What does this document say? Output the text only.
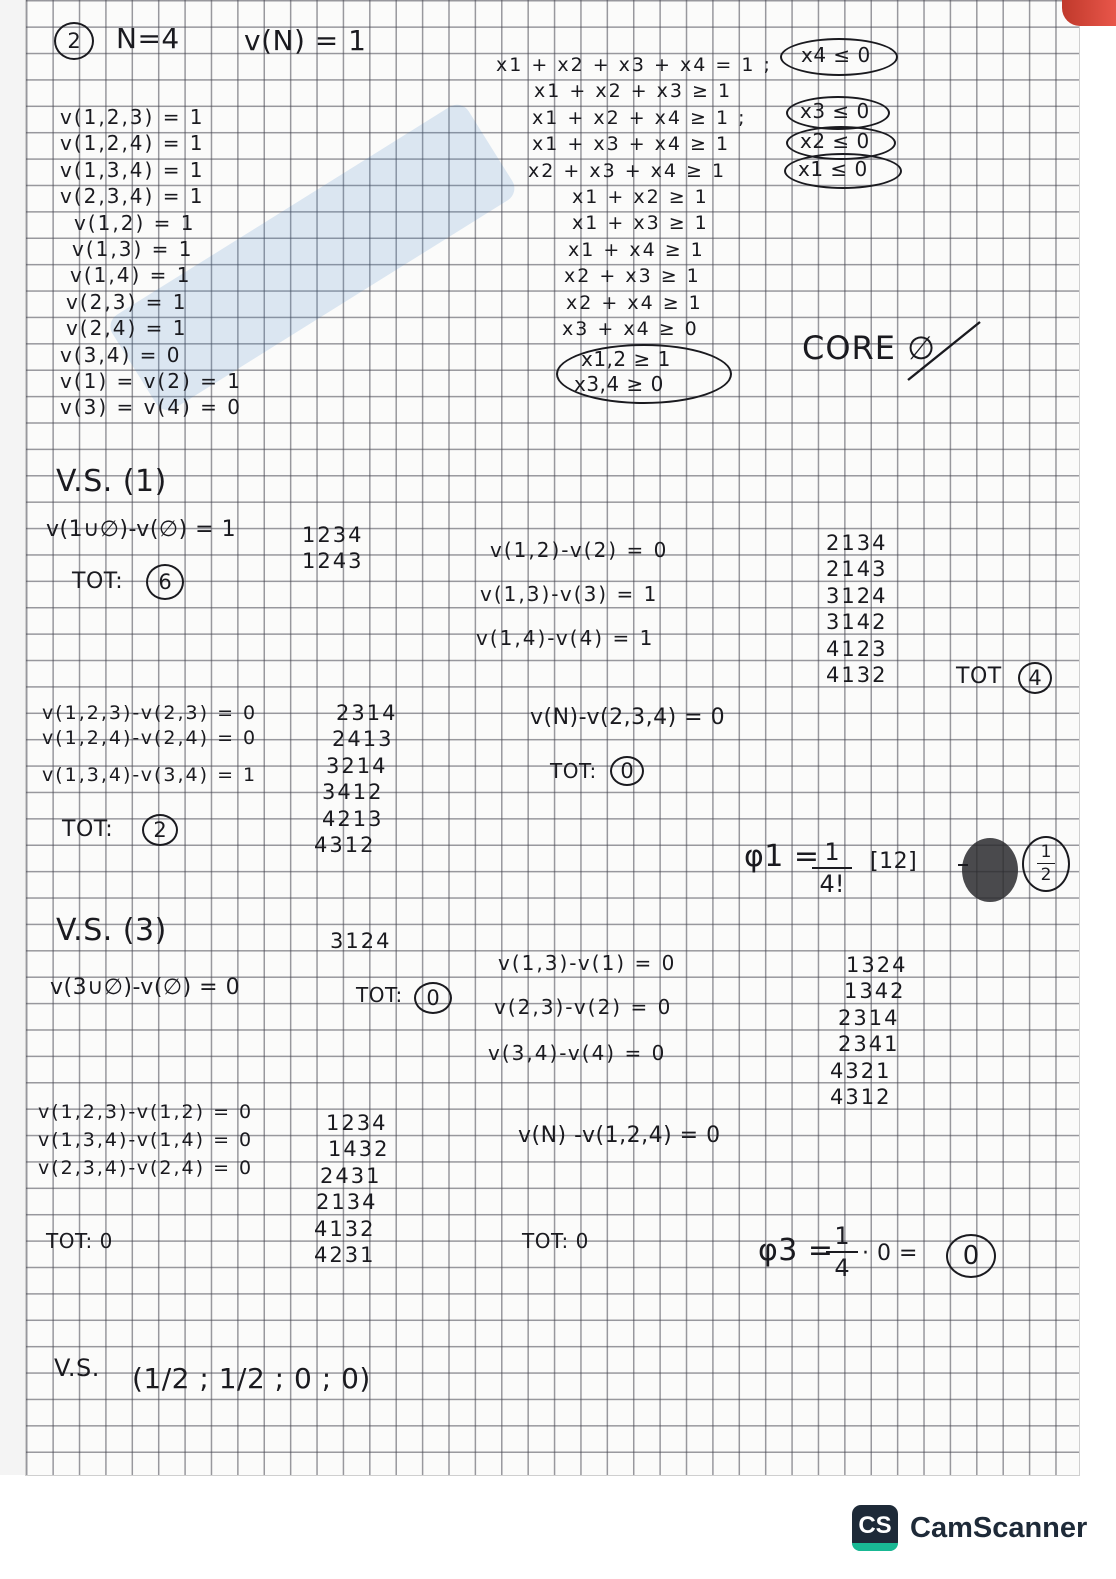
2 N=4 v(N) = 1
v(1,2,3) = 1
v(1,2,4) = 1
v(1,3,4) = 1
v(2,3,4) = 1
v(1,2) = 1
v(1,3) = 1
v(1,4) = 1
v(2,3) = 1
v(2,4) = 1
v(3,4) = 0
v(1) = v(2) = 1
v(3) = v(4) = 0
x1 + x2 + x3 + x4 = 1 ;
x1 + x2 + x3 ≥ 1
x1 + x2 + x4 ≥ 1 ;
x1 + x3 + x4 ≥ 1
x2 + x3 + x4 ≥ 1
x1 + x2 ≥ 1
x1 + x3 ≥ 1
x1 + x4 ≥ 1
x2 + x3 ≥ 1
x2 + x4 ≥ 1
x3 + x4 ≥ 0
x1,2 ≥ 1
x3,4 ≥ 0
x4 ≤ 0
x3 ≤ 0
x2 ≤ 0
x1 ≤ 0
CORE ∅
V.S. (1)
v(1∪∅)-v(∅) = 1	1234
1243
TOT: 6
v(1,2)-v(2) = 0
v(1,3)-v(3) = 1
v(1,4)-v(4) = 1
2134
2143
3124
3142
4123
4132	TOT 4
v(1,2,3)-v(2,3) = 0
v(1,2,4)-v(2,4) = 0
v(1,3,4)-v(3,4) = 1
2314
2413
3214
3412
4213
4312
TOT: 2
v(N)-v(2,3,4) = 0
TOT: 0
φ1 = 1
4!
[12]	1
2
V.S. (3)
v(3∪∅)-v(∅) = 0
3124
TOT: 0
v(1,3)-v(1) = 0
v(2,3)-v(2) = 0
v(3,4)-v(4) = 0
1324
1342
2314
2341
4321
4312
v(1,2,3)-v(1,2) = 0
v(1,3,4)-v(1,4) = 0
v(2,3,4)-v(2,4) = 0
1234
1432
2431
2134
4132
4231
TOT: 0
v(N) -v(1,2,4) = 0
TOT: 0	φ3 = 1
4
· 0 = 0
V.S. (1/2 ; 1/2 ; 0 ; 0)
CS CamScanner
